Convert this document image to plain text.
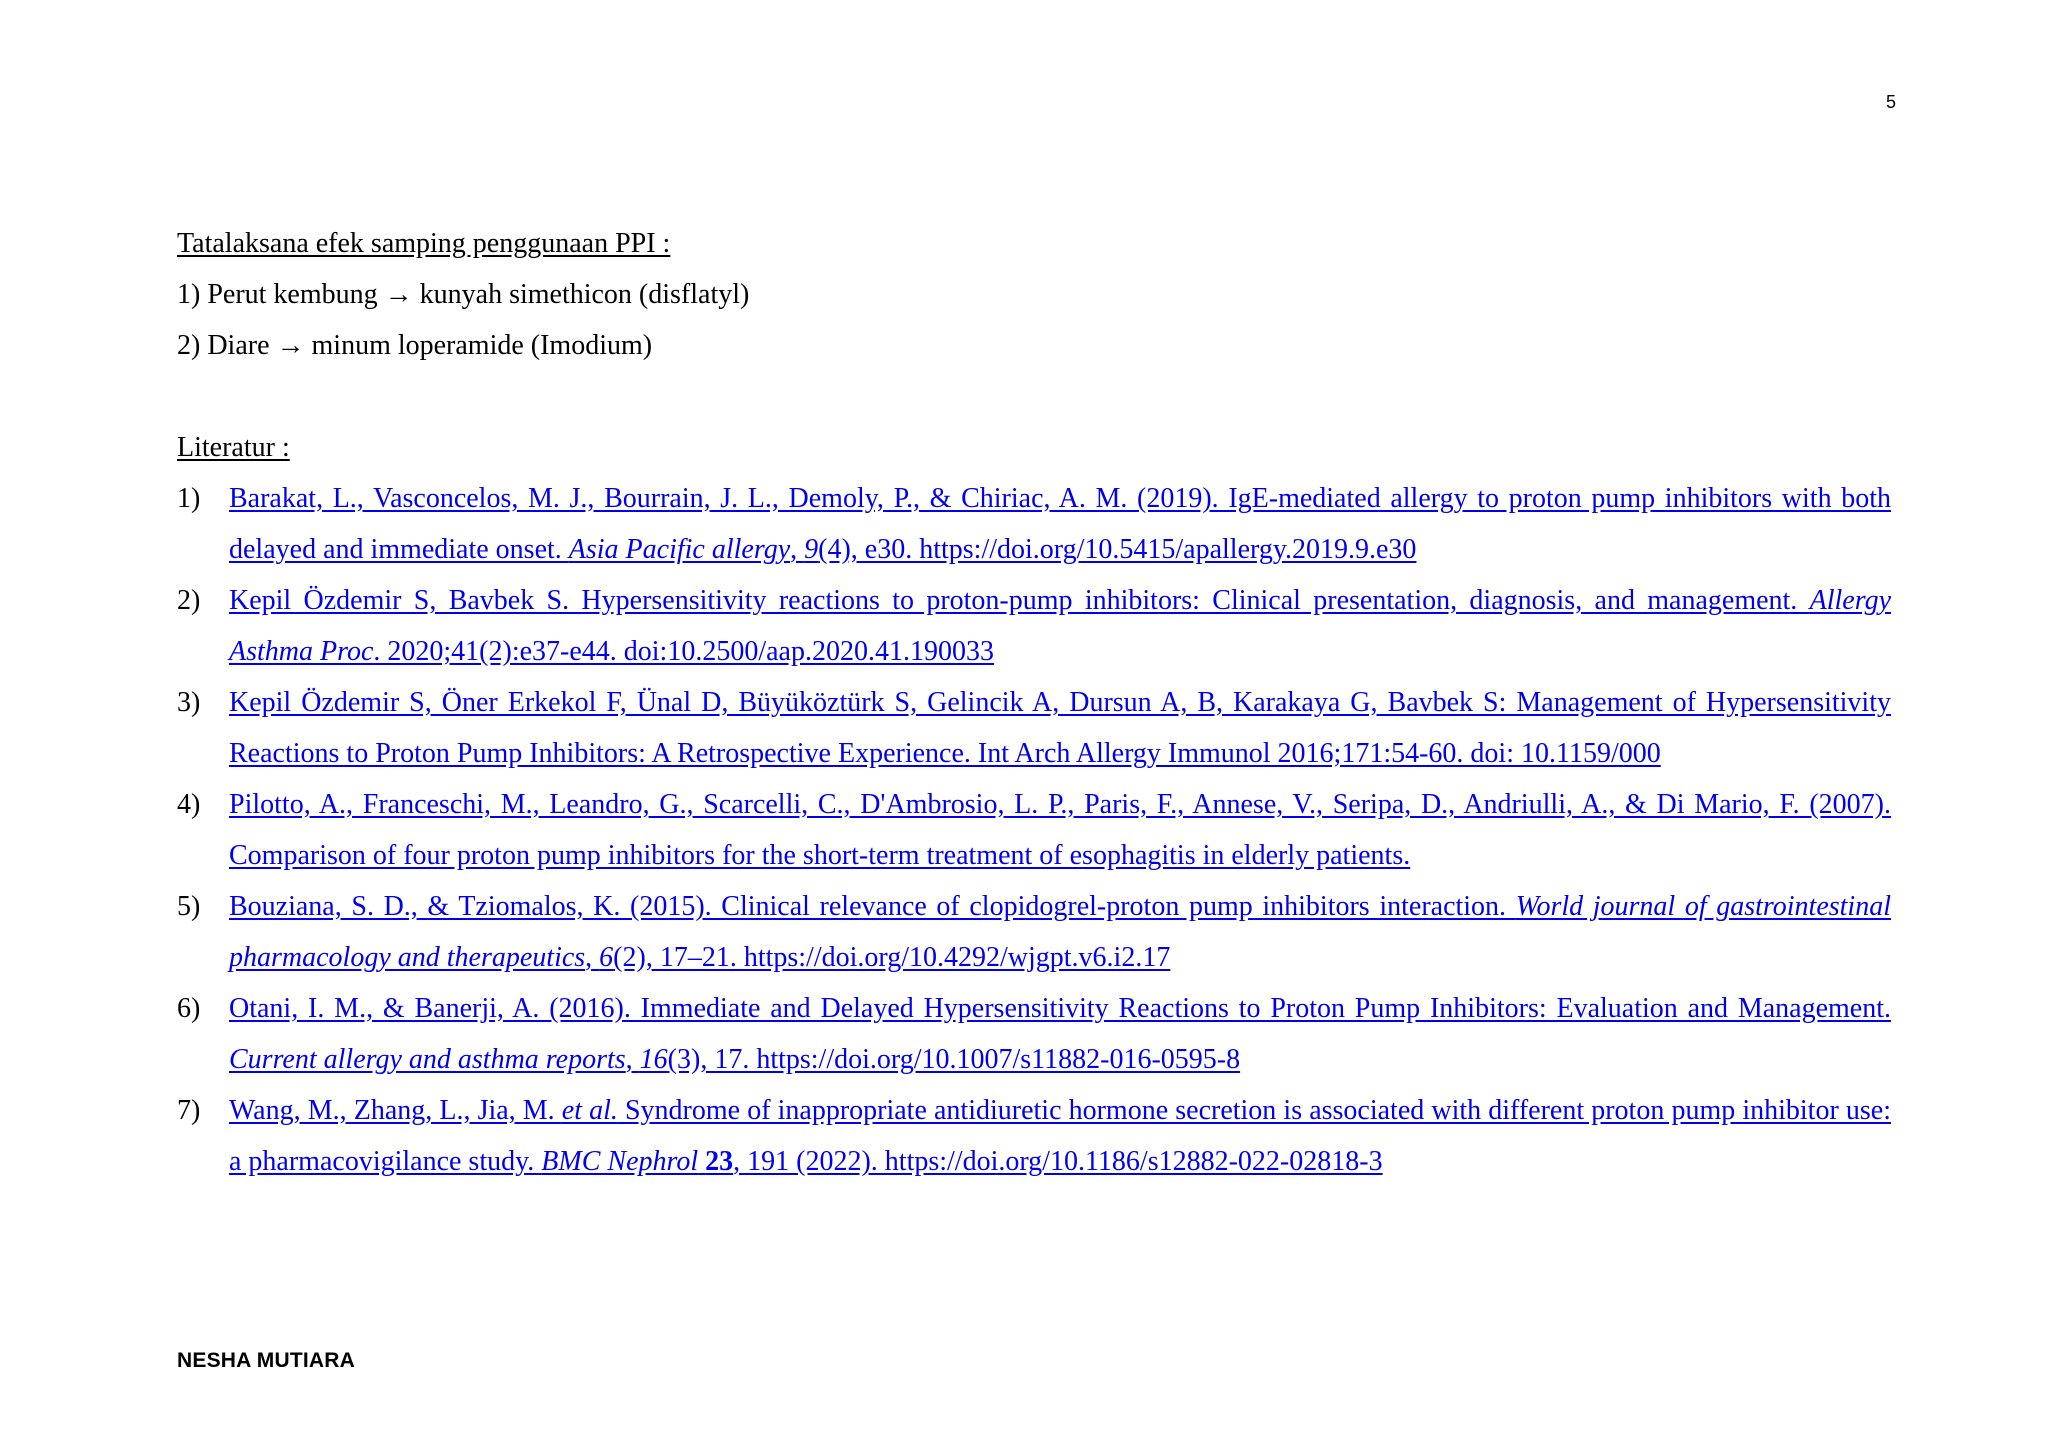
5
Tatalaksana efek samping penggunaan PPI :
1) Perut kembung → kunyah simethicon (disflatyl)
2) Diare → minum loperamide (Imodium)
Literatur :
1)	Barakat, L., Vasconcelos, M. J., Bourrain, J. L., Demoly, P., & Chiriac, A. M. (2019). IgE-mediated allergy to proton pump inhibitors with both delayed and immediate onset. Asia Pacific allergy, 9(4), e30. https://doi.org/10.5415/apallergy.2019.9.e30
2)	Kepil Özdemir S, Bavbek S. Hypersensitivity reactions to proton-pump inhibitors: Clinical presentation, diagnosis, and management. Allergy Asthma Proc. 2020;41(2):e37-e44. doi:10.2500/aap.2020.41.190033
3)	Kepil Özdemir S, Öner Erkekol F, Ünal D, Büyüköztürk S, Gelincik A, Dursun A, B, Karakaya G, Bavbek S: Management of Hypersensitivity Reactions to Proton Pump Inhibitors: A Retrospective Experience. Int Arch Allergy Immunol 2016;171:54-60. doi: 10.1159/000
4)	Pilotto, A., Franceschi, M., Leandro, G., Scarcelli, C., D'Ambrosio, L. P., Paris, F., Annese, V., Seripa, D., Andriulli, A., & Di Mario, F. (2007). Comparison of four proton pump inhibitors for the short-term treatment of esophagitis in elderly patients.
5)	Bouziana, S. D., & Tziomalos, K. (2015). Clinical relevance of clopidogrel-proton pump inhibitors interaction. World journal of gastrointestinal pharmacology and therapeutics, 6(2), 17–21. https://doi.org/10.4292/wjgpt.v6.i2.17
6)	Otani, I. M., & Banerji, A. (2016). Immediate and Delayed Hypersensitivity Reactions to Proton Pump Inhibitors: Evaluation and Management. Current allergy and asthma reports, 16(3), 17. https://doi.org/10.1007/s11882-016-0595-8
7)	Wang, M., Zhang, L., Jia, M. et al. Syndrome of inappropriate antidiuretic hormone secretion is associated with different proton pump inhibitor use: a pharmacovigilance study. BMC Nephrol 23, 191 (2022). https://doi.org/10.1186/s12882-022-02818-3
NESHA MUTIARA
